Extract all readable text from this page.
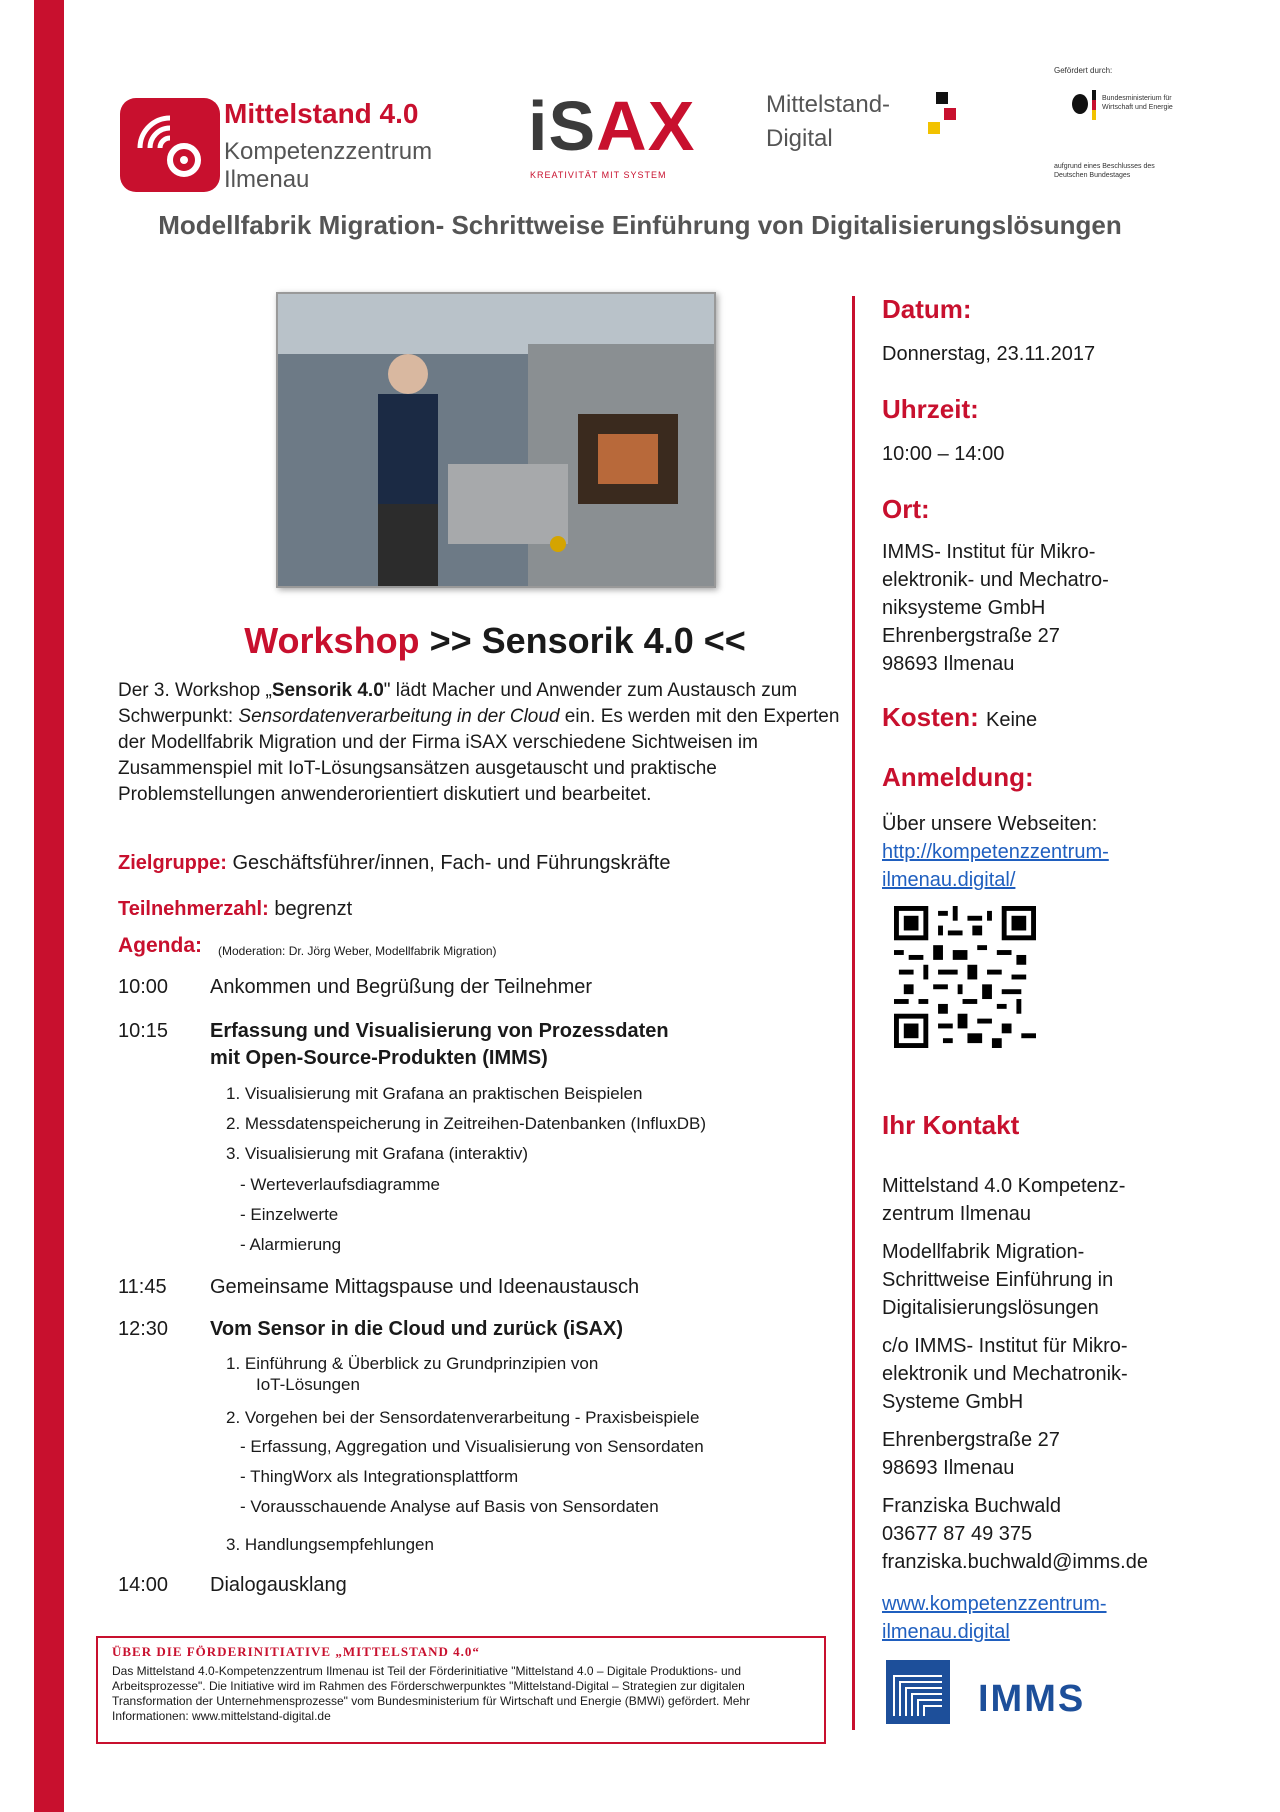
Mittelstand 4.0
Kompetenzzentrum
Ilmenau
iSAX
KREATIVITÄT MIT SYSTEM
Mittelstand-
Digital
Gefördert durch:
Bundesministerium für Wirtschaft und Energie
aufgrund eines Beschlusses des Deutschen Bundestages
Modellfabrik Migration- Schrittweise Einführung von Digitalisierungslösungen
Workshop >> Sensorik 4.0 <<
Der 3. Workshop „Sensorik 4.0" lädt Macher und Anwender zum Austausch zum Schwerpunkt: Sensordatenverarbeitung in der Cloud ein. Es werden mit den Experten der Modellfabrik Migration und der Firma iSAX verschiedene Sichtweisen im Zusammenspiel mit IoT-Lösungsansätzen ausgetauscht und praktische Problemstellungen anwenderorientiert diskutiert und bearbeitet.
Zielgruppe: Geschäftsführer/innen, Fach- und Führungskräfte
Teilnehmerzahl: begrenzt
Agenda: (Moderation: Dr. Jörg Weber, Modellfabrik Migration)
10:00 Ankommen und Begrüßung der Teilnehmer
10:15 Erfassung und Visualisierung von Prozessdaten
mit Open-Source-Produkten (IMMS)
1. Visualisierung mit Grafana an praktischen Beispielen
2. Messdatenspeicherung in Zeitreihen-Datenbanken (InfluxDB)
3. Visualisierung mit Grafana (interaktiv)
- Werteverlaufsdiagramme
- Einzelwerte
- Alarmierung
11:45 Gemeinsame Mittagspause und Ideenaustausch
12:30 Vom Sensor in die Cloud und zurück (iSAX)
1. Einführung & Überblick zu Grundprinzipien von
IoT-Lösungen
2. Vorgehen bei der Sensordatenverarbeitung - Praxisbeispiele
- Erfassung, Aggregation und Visualisierung von Sensordaten
- ThingWorx als Integrationsplattform
- Vorausschauende Analyse auf Basis von Sensordaten
3. Handlungsempfehlungen
14:00 Dialogausklang
ÜBER DIE FÖRDERINITIATIVE „MITTELSTAND 4.0“
Das Mittelstand 4.0-Kompetenzzentrum Ilmenau ist Teil der Förderinitiative "Mittelstand 4.0 – Digitale Produktions- und Arbeitsprozesse". Die Initiative wird im Rahmen des Förderschwerpunktes "Mittelstand-Digital – Strategien zur digitalen Transformation der Unternehmensprozesse" vom Bundesministerium für Wirtschaft und Energie (BMWi) gefördert. Mehr Informationen: www.mittelstand-digital.de
Datum:
Donnerstag, 23.11.2017
Uhrzeit:
10:00 – 14:00
Ort:
IMMS- Institut für Mikro-
elektronik- und Mechatro-
niksysteme GmbH
Ehrenbergstraße 27
98693 Ilmenau
Kosten: Keine
Anmeldung:
Über unsere Webseiten:
http://kompetenzzentrum-
ilmenau.digital/
Ihr Kontakt
Mittelstand 4.0 Kompetenz-
zentrum Ilmenau
Modellfabrik Migration-
Schrittweise Einführung in
Digitalisierungslösungen
c/o IMMS- Institut für Mikro-
elektronik und Mechatronik-
Systeme GmbH
Ehrenbergstraße 27
98693 Ilmenau
Franziska Buchwald
03677 87 49 375
franziska.buchwald@imms.de
www.kompetenzzentrum-
ilmenau.digital
IMMS
